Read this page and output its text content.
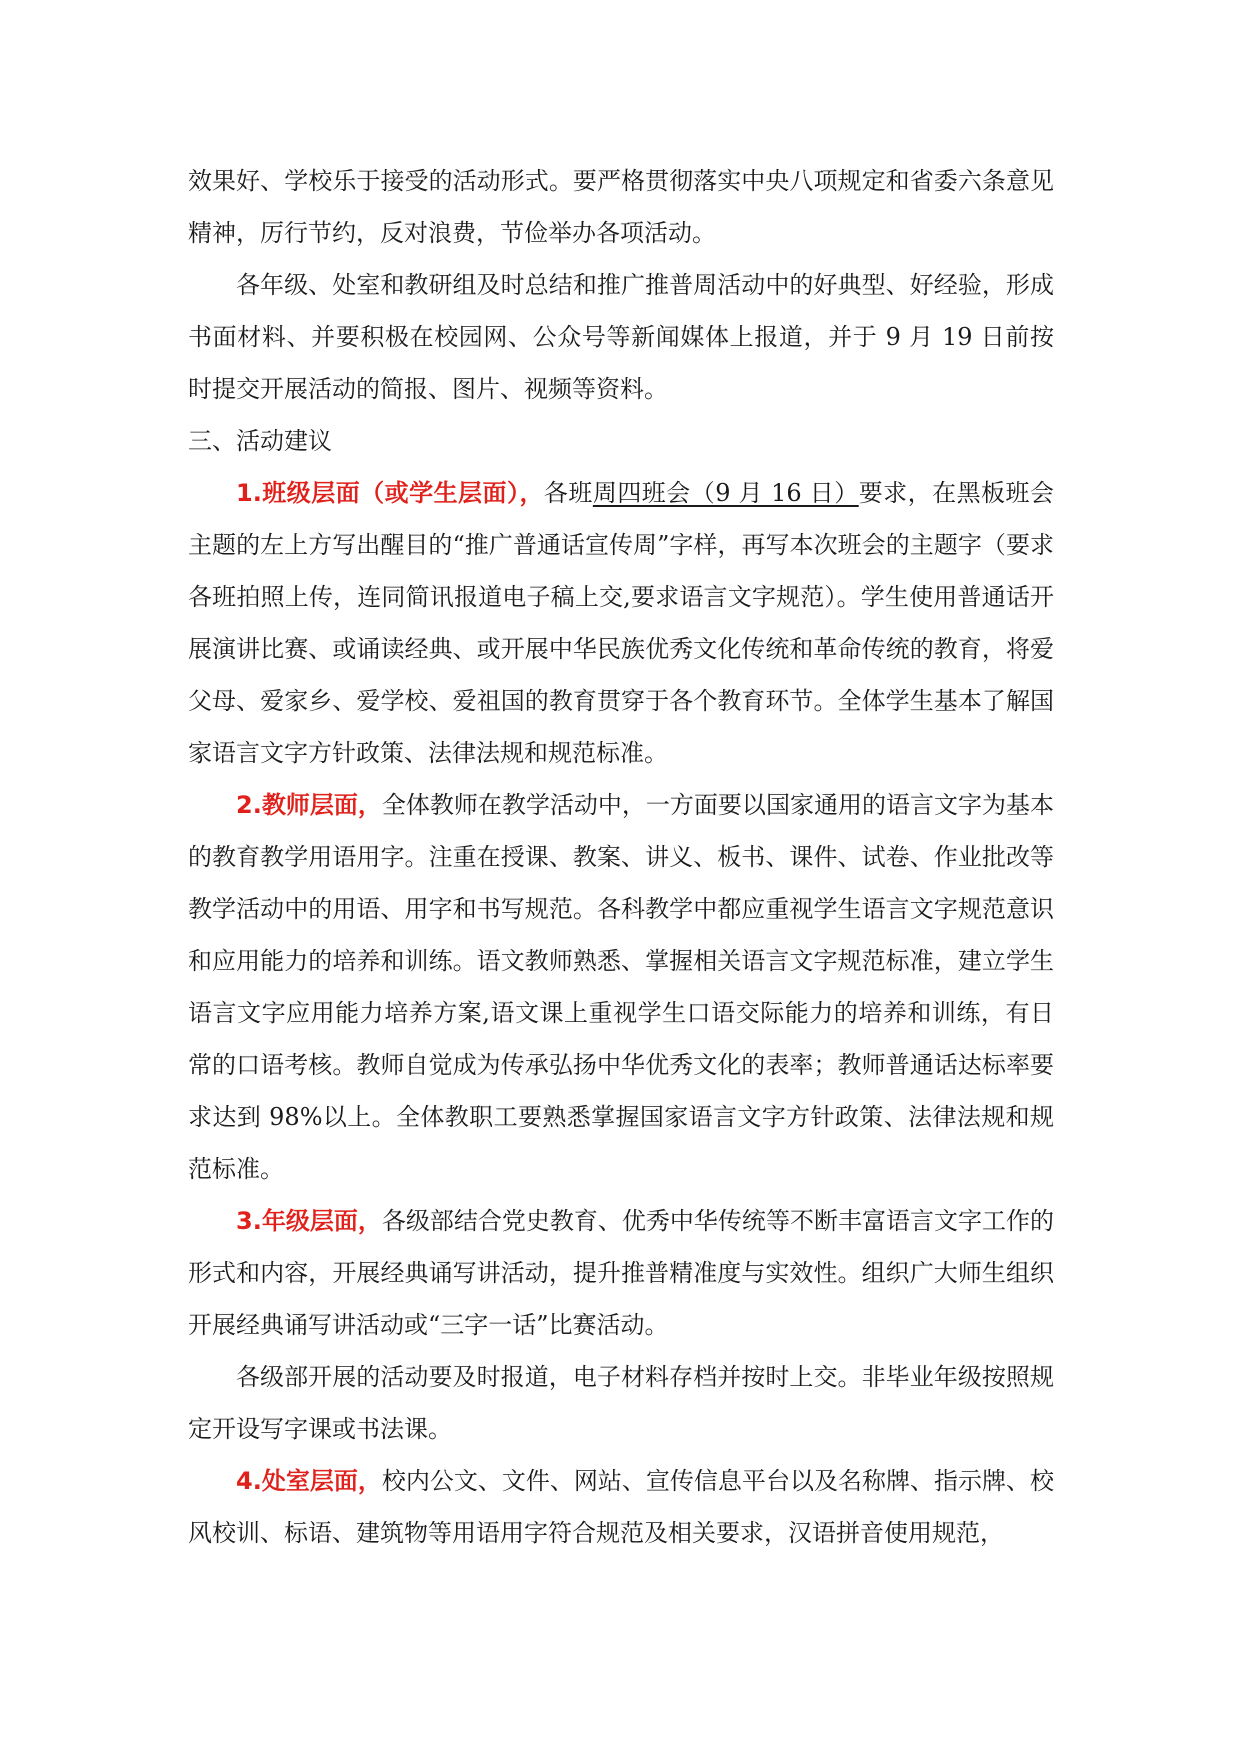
效果好、学校乐于接受的活动形式。要严格贯彻落实中央八项规定和省委六条意见精神，厉行节约，反对浪费，节俭举办各项活动。

各年级、处室和教研组及时总结和推广推普周活动中的好典型、好经验，形成书面材料、并要积极在校园网、公众号等新闻媒体上报道，并于 9 月 19 日前按时提交开展活动的简报、图片、视频等资料。

三、活动建议

1.班级层面（或学生层面），各班周四班会（9 月 16 日）要求，在黑板班会主题的左上方写出醒目的“推广普通话宣传周”字样，再写本次班会的主题字（要求各班拍照上传，连同简讯报道电子稿上交,要求语言文字规范）。学生使用普通话开展演讲比赛、或诵读经典、或开展中华民族优秀文化传统和革命传统的教育，将爱父母、爱家乡、爱学校、爱祖国的教育贯穿于各个教育环节。全体学生基本了解国家语言文字方针政策、法律法规和规范标准。

2.教师层面，全体教师在教学活动中，一方面要以国家通用的语言文字为基本的教育教学用语用字。注重在授课、教案、讲义、板书、课件、试卷、作业批改等教学活动中的用语、用字和书写规范。各科教学中都应重视学生语言文字规范意识和应用能力的培养和训练。语文教师熟悉、掌握相关语言文字规范标准，建立学生语言文字应用能力培养方案,语文课上重视学生口语交际能力的培养和训练，有日常的口语考核。教师自觉成为传承弘扬中华优秀文化的表率；教师普通话达标率要求达到 98%以上。全体教职工要熟悉掌握国家语言文字方针政策、法律法规和规范标准。

3.年级层面，各级部结合党史教育、优秀中华传统等不断丰富语言文字工作的形式和内容，开展经典诵写讲活动，提升推普精准度与实效性。组织广大师生组织开展经典诵写讲活动或“三字一话”比赛活动。

各级部开展的活动要及时报道，电子材料存档并按时上交。非毕业年级按照规定开设写字课或书法课。

4.处室层面，校内公文、文件、网站、宣传信息平台以及名称牌、指示牌、校风校训、标语、建筑物等用语用字符合规范及相关要求，汉语拼音使用规范，
